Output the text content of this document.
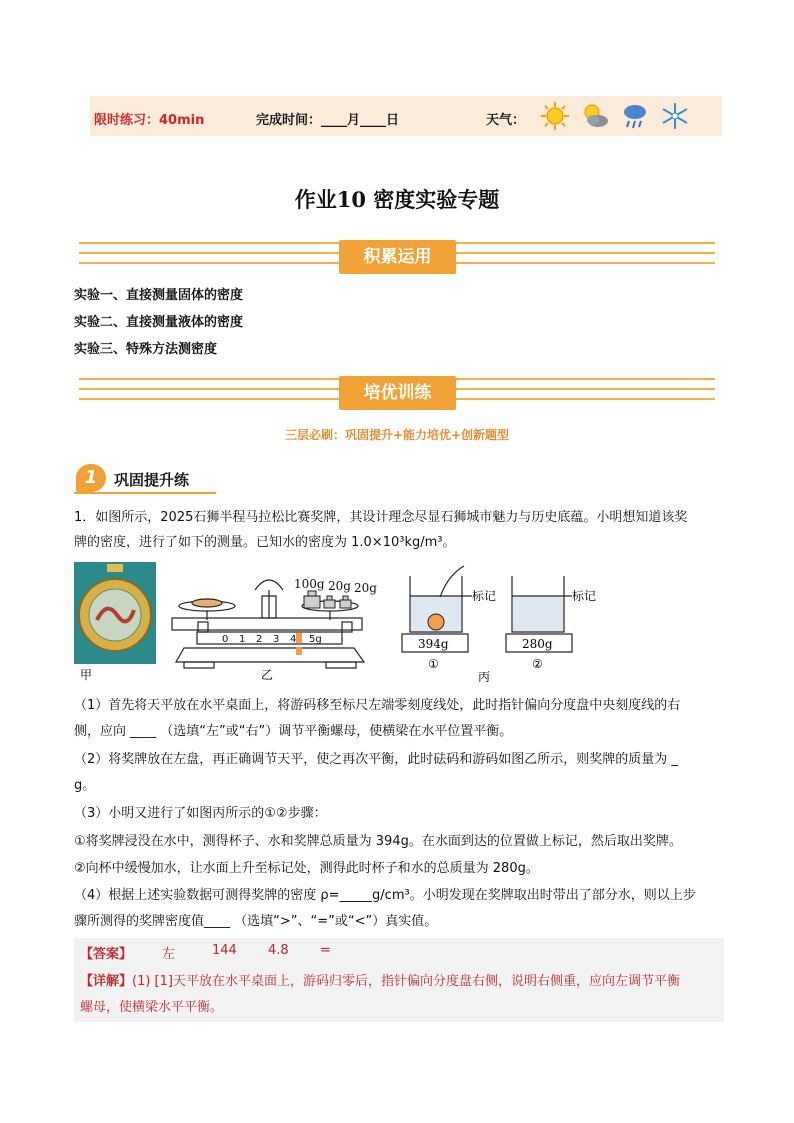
限时练习：40min	完成时间：____月____日	天气：
作业10 密度实验专题
积累运用
实验一、直接测量固体的密度
实验二、直接测量液体的密度
实验三、特殊方法测密度
培优训练
三层必刷：巩固提升+能力培优+创新题型
1	巩固提升练
1．如图所示，2025石狮半程马拉松比赛奖牌，其设计理念尽显石狮城市魅力与历史底蕴。小明想知道该奖
牌的密度，进行了如下的测量。已知水的密度为 1.0×10³kg/m³。
甲
0 1 2 3 4 5g
100g 20g 20g
乙
394g
标记
①
280g
标记
②
丙
（1）首先将天平放在水平桌面上，将游码移至标尺左端零刻度线处，此时指针偏向分度盘中央刻度线的右
侧，应向 ____ （选填“左”或“右”）调节平衡螺母，使横梁在水平位置平衡。
（2）将奖牌放在左盘，再正确调节天平，使之再次平衡，此时砝码和游码如图乙所示，则奖牌的质量为 _
g。
（3）小明又进行了如图丙所示的①②步骤：
①将奖牌浸没在水中，测得杯子、水和奖牌总质量为 394g。在水面到达的位置做上标记，然后取出奖牌。
②向杯中缓慢加水，让水面上升至标记处，测得此时杯子和水的总质量为 280g。
（4）根据上述实验数据可测得奖牌的密度 ρ=_____g/cm³。小明发现在奖牌取出时带出了部分水，则以上步
骤所测得的奖牌密度值____ （选填“>”、“=”或“<”）真实值。
【答案】 左	144 4.8 =
【详解】 (1) [1]天平放在水平桌面上，游码归零后，指针偏向分度盘右侧，说明右侧重，应向左调节平衡
螺母，使横梁水平平衡。
